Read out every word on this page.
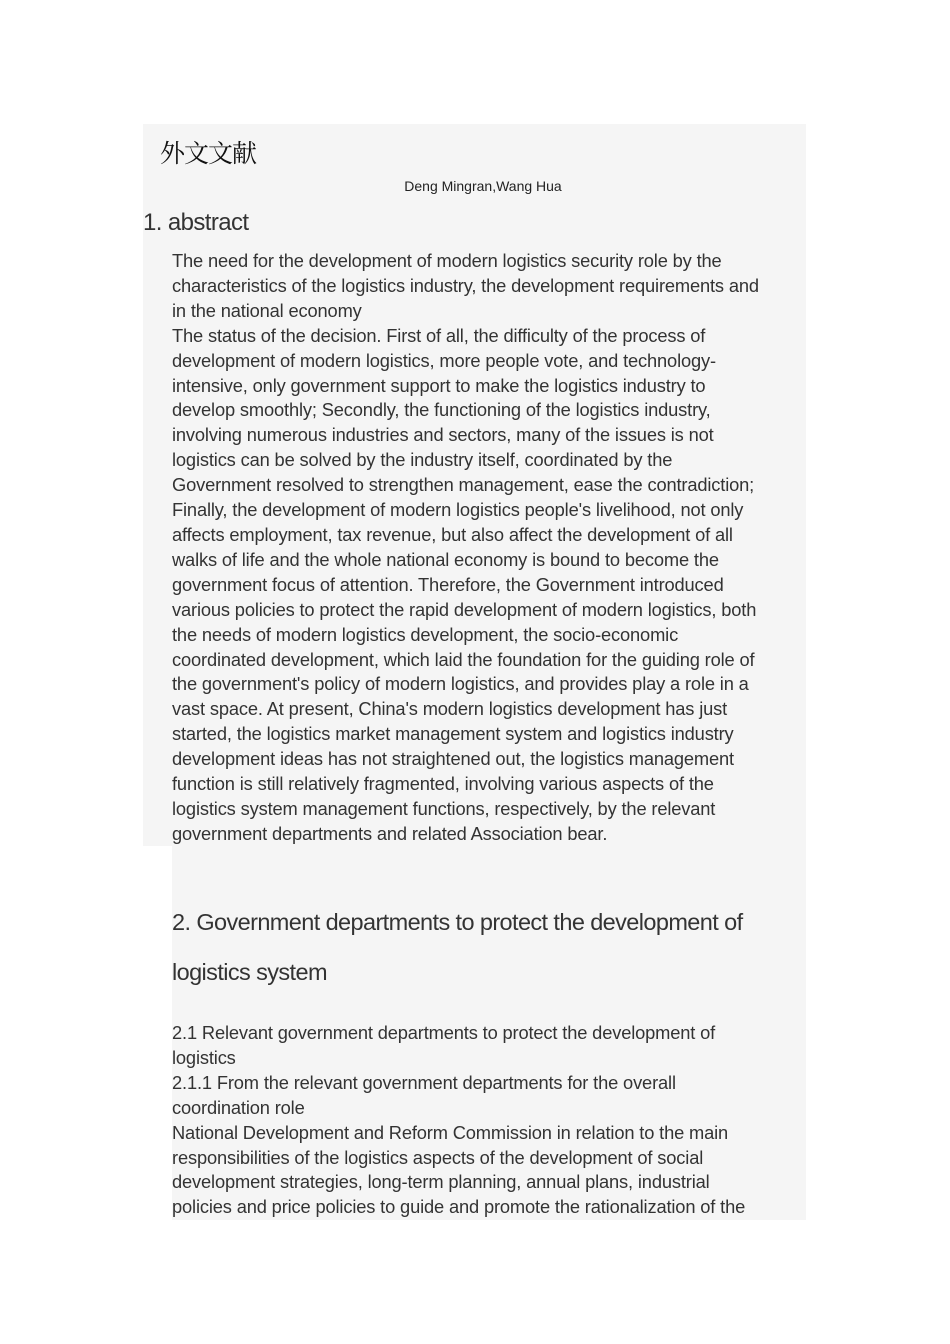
外文文献
Deng Mingran,Wang Hua
1. abstract
The need for the development of modern logistics security role by the
characteristics of the logistics industry, the development requirements and
in the national economy
The status of the decision. First of all, the difficulty of the process of
development of modern logistics, more people vote, and technology-
intensive, only government support to make the logistics industry to
develop smoothly; Secondly, the functioning of the logistics industry,
involving numerous industries and sectors, many of the issues is not
logistics can be solved by the industry itself, coordinated by the
Government resolved to strengthen management, ease the contradiction;
Finally, the development of modern logistics people's livelihood, not only
affects employment, tax revenue, but also affect the development of all
walks of life and the whole national economy is bound to become the
government focus of attention. Therefore, the Government introduced
various policies to protect the rapid development of modern logistics, both
the needs of modern logistics development, the socio-economic
coordinated development, which laid the foundation for the guiding role of
the government's policy of modern logistics, and provides play a role in a
vast space. At present, China's modern logistics development has just
started, the logistics market management system and logistics industry
development ideas has not straightened out, the logistics management
function is still relatively fragmented, involving various aspects of the
logistics system management functions, respectively, by the relevant
government departments and related Association bear.
2. Government departments to protect the development of
logistics system
2.1 Relevant government departments to protect the development of
logistics
2.1.1 From the relevant government departments for the overall
coordination role
National Development and Reform Commission in relation to the main
responsibilities of the logistics aspects of the development of social
development strategies, long-term planning, annual plans, industrial
policies and price policies to guide and promote the rationalization of the
